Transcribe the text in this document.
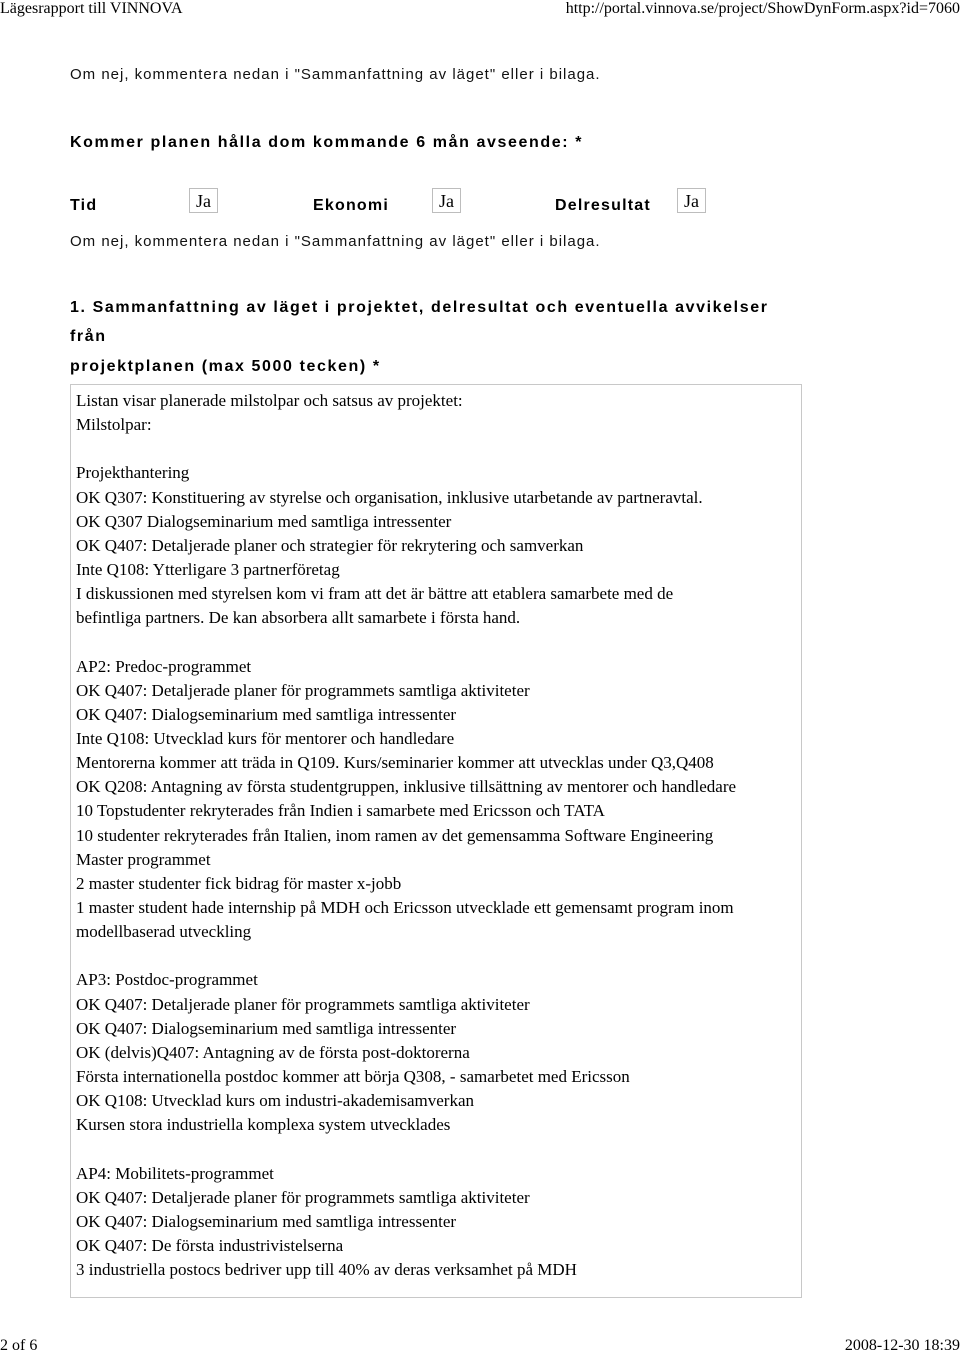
Lägesrapport till VINNOVA	http://portal.vinnova.se/project/ShowDynForm.aspx?id=7060
Om nej, kommentera nedan i "Sammanfattning av läget" eller i bilaga.
Kommer planen hålla dom kommande 6 mån avseende: *
Tid	Ja	Ekonomi	Ja	Delresultat	Ja
Om nej, kommentera nedan i "Sammanfattning av läget" eller i bilaga.
1. Sammanfattning av läget i projektet, delresultat och eventuella avvikelser
från
projektplanen (max 5000 tecken) *
Listan visar planerade milstolpar och satsus av projektet:
Milstolpar:
Projekthantering
OK Q307: Konstituering av styrelse och organisation, inklusive utarbetande av partneravtal.
OK Q307 Dialogseminarium med samtliga intressenter
OK Q407: Detaljerade planer och strategier för rekrytering och samverkan
Inte Q108: Ytterligare 3 partnerföretag
I diskussionen med styrelsen kom vi fram att det är bättre att etablera samarbete med de
befintliga partners. De kan absorbera allt samarbete i första hand.
AP2: Predoc-programmet
OK Q407: Detaljerade planer för programmets samtliga aktiviteter
OK Q407: Dialogseminarium med samtliga intressenter
Inte Q108: Utvecklad kurs för mentorer och handledare
Mentorerna kommer att träda in Q109. Kurs/seminarier kommer att utvecklas under Q3,Q408
OK Q208: Antagning av första studentgruppen, inklusive tillsättning av mentorer och handledare
10 Topstudenter rekryterades från Indien i samarbete med Ericsson och TATA
10 studenter rekryterades från Italien, inom ramen av det gemensamma Software Engineering
Master programmet
2 master studenter fick bidrag för master x-jobb
1 master student hade internship på MDH och Ericsson utvecklade ett gemensamt program inom
modellbaserad utveckling
AP3: Postdoc-programmet
OK Q407: Detaljerade planer för programmets samtliga aktiviteter
OK Q407: Dialogseminarium med samtliga intressenter
OK (delvis)Q407: Antagning av de första post-doktorerna
Första internationella postdoc kommer att börja Q308, - samarbetet med Ericsson
OK Q108: Utvecklad kurs om industri-akademisamverkan
Kursen stora industriella komplexa system utvecklades
AP4: Mobilitets-programmet
OK Q407: Detaljerade planer för programmets samtliga aktiviteter
OK Q407: Dialogseminarium med samtliga intressenter
OK Q407: De första industrivistelserna
3 industriella postocs bedriver upp till 40% av deras verksamhet på MDH
2 of 6	2008-12-30 18:39
